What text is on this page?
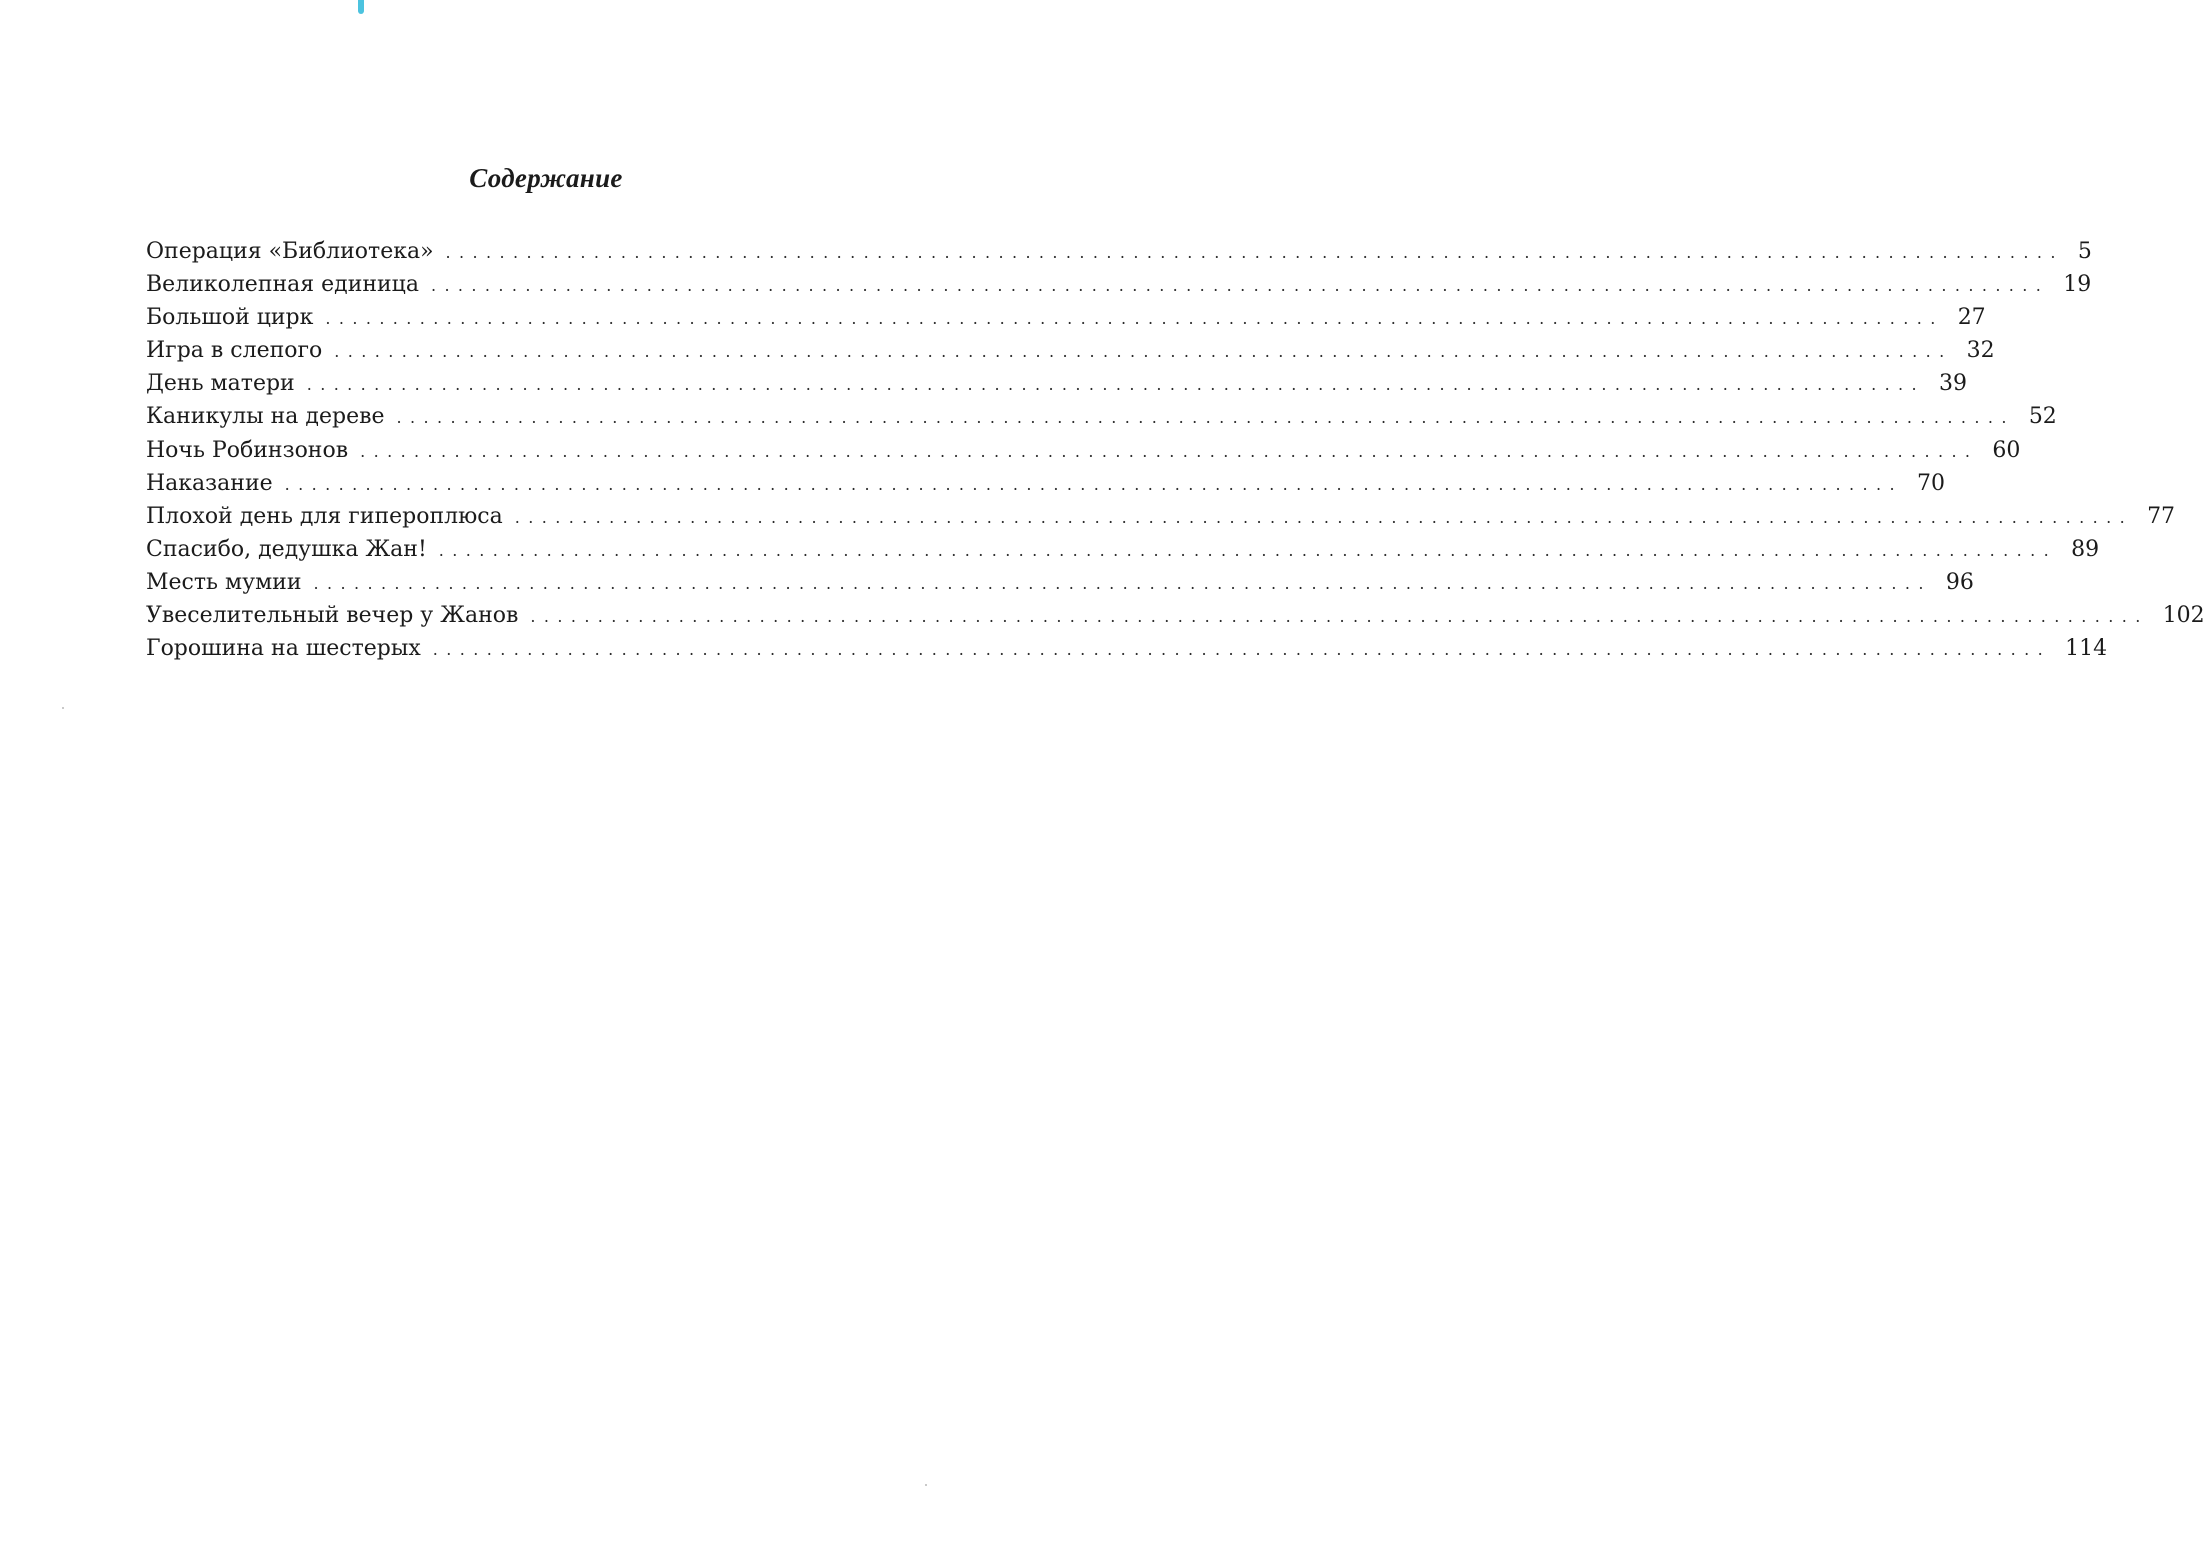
Содержание
Операция «Библиотека» ........................................................................................................................ 5
Великолепная единица ........................................................................................................................ 19
Большой цирк ........................................................................................................................ 27
Игра в слепого ........................................................................................................................ 32
День матери ........................................................................................................................ 39
Каникулы на дереве ........................................................................................................................ 52
Ночь Робинзонов ........................................................................................................................ 60
Наказание ........................................................................................................................ 70
Плохой день для гипероплюса ........................................................................................................................ 77
Спасибо, дедушка Жан! ........................................................................................................................ 89
Месть мумии ........................................................................................................................ 96
Увеселительный вечер у Жанов ........................................................................................................................ 102
Горошина на шестерых ........................................................................................................................ 114
